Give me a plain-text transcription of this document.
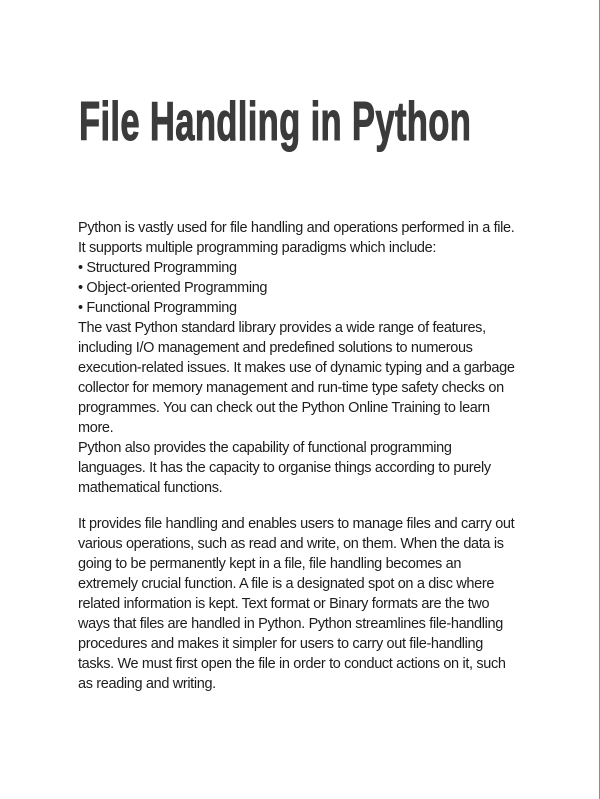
File Handling in Python
Python is vastly used for file handling and operations performed in a file.
It supports multiple programming paradigms which include:
• Structured Programming
• Object-oriented Programming
• Functional Programming
The vast Python standard library provides a wide range of features,
including I/O management and predefined solutions to numerous
execution-related issues. It makes use of dynamic typing and a garbage
collector for memory management and run-time type safety checks on
programmes. You can check out the Python Online Training to learn
more.
Python also provides the capability of functional programming
languages. It has the capacity to organise things according to purely
mathematical functions.
It provides file handling and enables users to manage files and carry out
various operations, such as read and write, on them. When the data is
going to be permanently kept in a file, file handling becomes an
extremely crucial function. A file is a designated spot on a disc where
related information is kept. Text format or Binary formats are the two
ways that files are handled in Python. Python streamlines file-handling
procedures and makes it simpler for users to carry out file-handling
tasks. We must first open the file in order to conduct actions on it, such
as reading and writing.
